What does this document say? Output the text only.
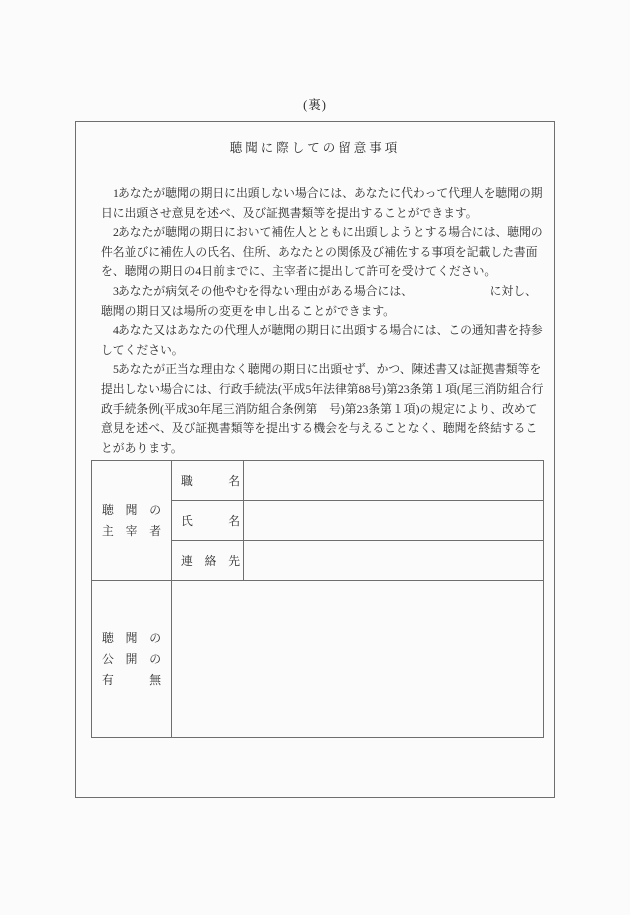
(裏)
聴聞に際しての留意事項

1 あなたが聴聞の期日に出頭しない場合には、あなたに代わって代理人を聴聞の期日に出頭させ意見を述べ、及び証拠書類等を提出することができます。

2 あなたが聴聞の期日において補佐人とともに出頭しようとする場合には、聴聞の件名並びに補佐人の氏名、住所、あなたとの関係及び補佐する事項を記載した書面を、聴聞の期日の4日前までに、主宰者に提出して許可を受けてください。

3 あなたが病気その他やむを得ない理由がある場合には、　　　　　　　に対し、聴聞の期日又は場所の変更を申し出ることができます。

4 あなた又はあなたの代理人が聴聞の期日に出頭する場合には、この通知書を持参してください。

5 あなたが正当な理由なく聴聞の期日に出頭せず、かつ、陳述書又は証拠書類等を提出しない場合には、行政手続法(平成5年法律第88号)第23条第１項(尾三消防組合行政手続条例(平成30年尾三消防組合条例第　号)第23条第１項)の規定により、改めて意見を述べ、及び証拠書類等を提出する機会を与えることなく、聴聞を終結することがあります。

聴　聞　の
主　宰　者	職　　　名	
	氏　　　名	
	連　絡　先	

聴　聞　の
公　開　の
有　　　無		
